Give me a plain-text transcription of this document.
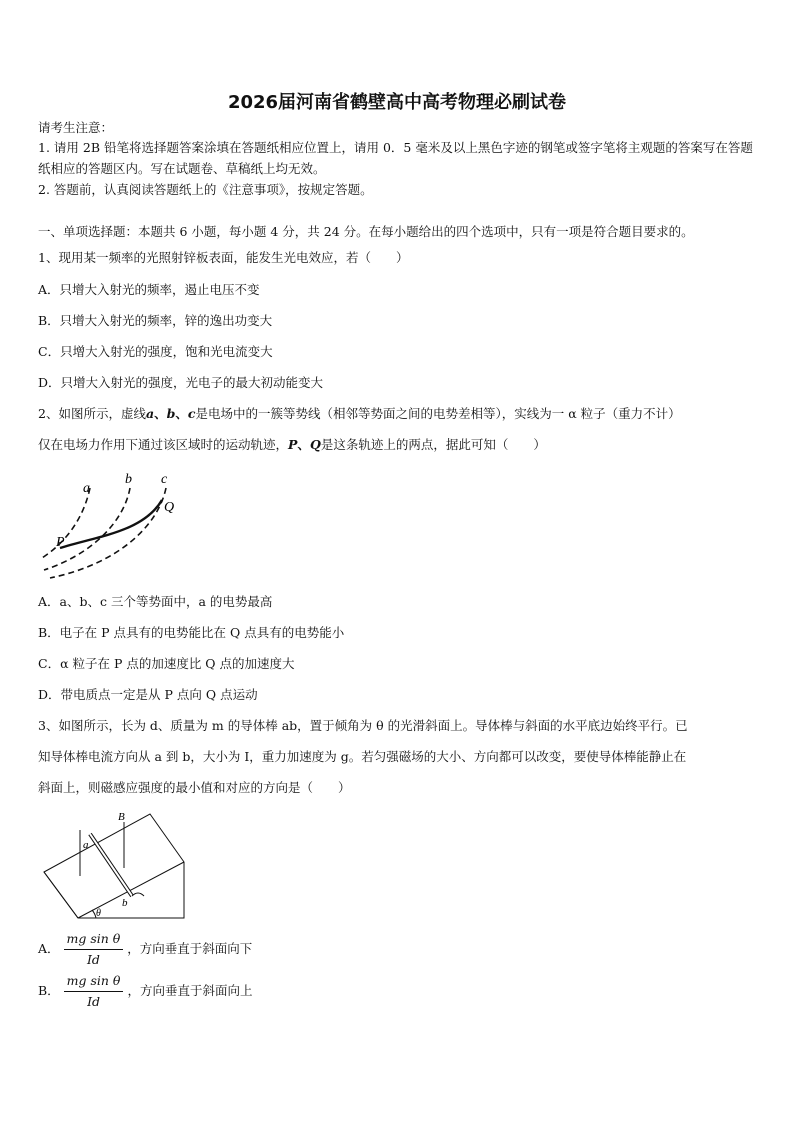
2026届河南省鹤壁高中高考物理必刷试卷
请考生注意：
1. 请用 2B 铅笔将选择题答案涂填在答题纸相应位置上，请用 0．5 毫米及以上黑色字迹的钢笔或签字笔将主观题的答案写在答题纸相应的答题区内。写在试题卷、草稿纸上均无效。
2. 答题前，认真阅读答题纸上的《注意事项》，按规定答题。
一、单项选择题：本题共 6 小题，每小题 4 分，共 24 分。在每小题给出的四个选项中，只有一项是符合题目要求的。
1、现用某一频率的光照射锌板表面，能发生光电效应，若（　　）
A．只增大入射光的频率，遏止电压不变
B．只增大入射光的频率，锌的逸出功变大
C．只增大入射光的强度，饱和光电流变大
D．只增大入射光的强度，光电子的最大初动能变大
2、如图所示，虚线a、b、c是电场中的一簇等势线（相邻等势面之间的电势差相等），实线为一 α 粒子（重力不计）
仅在电场力作用下通过该区域时的运动轨迹，P、Q是这条轨迹上的两点，据此可知（　　）
a
b c
P
Q
A．a、b、c 三个等势面中，a 的电势最高
B．电子在 P 点具有的电势能比在 Q 点具有的电势能小
C．α 粒子在 P 点的加速度比 Q 点的加速度大
D．带电质点一定是从 P 点向 Q 点运动
3、如图所示，长为 d、质量为 m 的导体棒 ab，置于倾角为 θ 的光滑斜面上。导体棒与斜面的水平底边始终平行。已
知导体棒电流方向从 a 到 b，大小为 I，重力加速度为 g。若匀强磁场的大小、方向都可以改变，要使导体棒能静止在
斜面上，则磁感应强度的最小值和对应的方向是（　　）
B
a
b
θ
A． $\frac{\text{mg sin θ}}{Id}$ ，方向垂直于斜面向下
B． $\frac{\text{mg sin θ}}{Id}$ ，方向垂直于斜面向上
